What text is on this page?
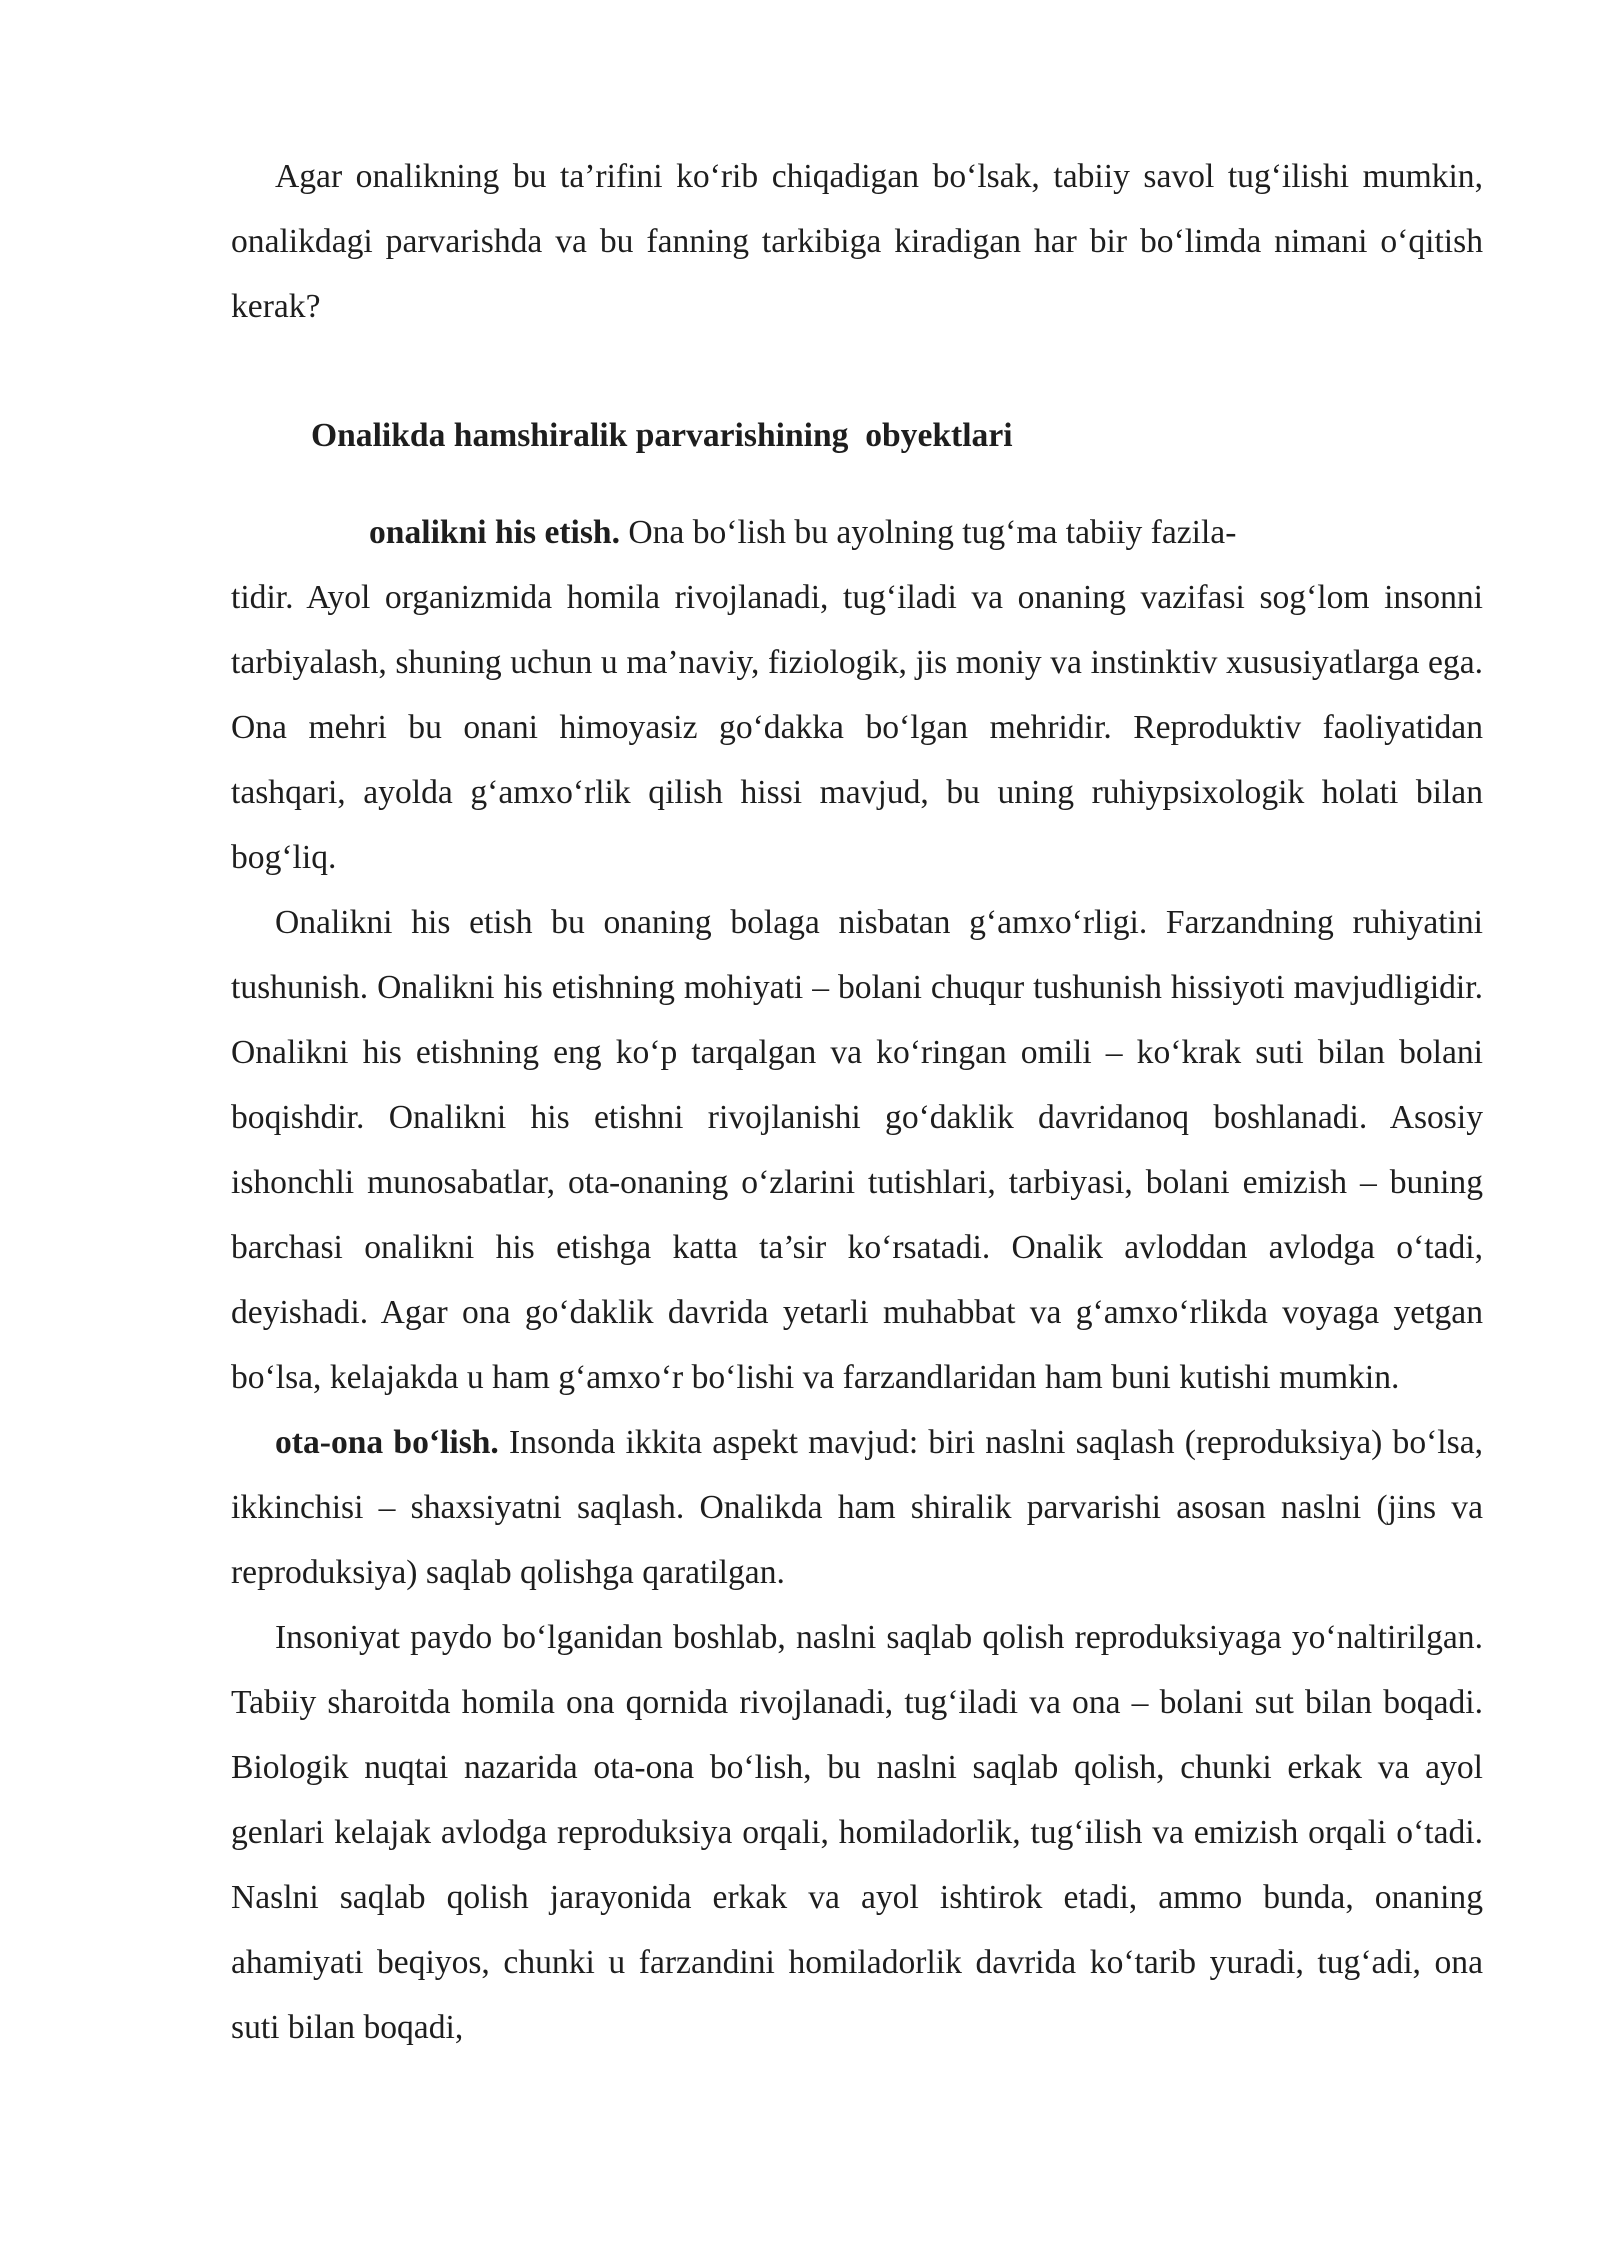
Agar onalikning bu ta’rifini ko‘rib chiqadigan bo‘lsak, tabiiy savol tug‘ilishi mumkin, onalikdagi parvarishda va bu fanning tarkibiga kiradigan har bir bo‘limda nimani o‘qitish kerak?

Onalikda hamshiralik parvarishining  obyektlari

onalikni his etish. Ona bo‘lish bu ayolning tug‘ma tabiiy fazila-

tidir. Ayol organizmida homila rivojlanadi, tug‘iladi va onaning vazifasi sog‘lom insonni tarbiyalash, shuning uchun u ma’naviy, fiziologik, jis moniy va instinktiv xususiyatlarga ega. Ona mehri bu onani himoyasiz go‘dakka bo‘lgan mehridir. Reproduktiv faoliyatidan tashqari, ayolda g‘amxo‘rlik qilish hissi mavjud, bu uning ruhiypsixologik holati bilan bog‘liq.

Onalikni his etish bu onaning bolaga nisbatan g‘amxo‘rligi. Farzandning ruhiyatini tushunish. Onalikni his etishning mohiyati – bolani chuqur tushunish hissiyoti mavjudligidir. Onalikni his etishning eng ko‘p tarqalgan va ko‘ringan omili – ko‘krak suti bilan bolani boqishdir. Onalikni his etishni rivojlanishi go‘daklik davridanoq boshlanadi. Asosiy ishonchli munosabatlar, ota-onaning o‘zlarini tutishlari, tarbiyasi, bolani emizish – buning barchasi onalikni his etishga katta ta’sir ko‘rsatadi. Onalik avloddan avlodga o‘tadi, deyishadi. Agar ona go‘daklik davrida yetarli muhabbat va g‘amxo‘rlikda voyaga yetgan bo‘lsa, kelajakda u ham g‘amxo‘r bo‘lishi va farzandlaridan ham buni kutishi mumkin.

ota-ona bo‘lish. Insonda ikkita aspekt mavjud: biri naslni saqlash (reproduksiya) bo‘lsa, ikkinchisi – shaxsiyatni saqlash. Onalikda ham shiralik parvarishi asosan naslni (jins va reproduksiya) saqlab qolishga qaratilgan.

Insoniyat paydo bo‘lganidan boshlab, naslni saqlab qolish reproduksiyaga yo‘naltirilgan. Tabiiy sharoitda homila ona qornida rivojlanadi, tug‘iladi va ona – bolani sut bilan boqadi. Biologik nuqtai nazarida ota-ona bo‘lish, bu naslni saqlab qolish, chunki erkak va ayol genlari kelajak avlodga reproduksiya orqali, homiladorlik, tug‘ilish va emizish orqali o‘tadi. Naslni saqlab qolish jarayonida erkak va ayol ishtirok etadi, ammo bunda, onaning ahamiyati beqiyos, chunki u farzandini homiladorlik davrida ko‘tarib yuradi, tug‘adi, ona suti bilan boqadi,
